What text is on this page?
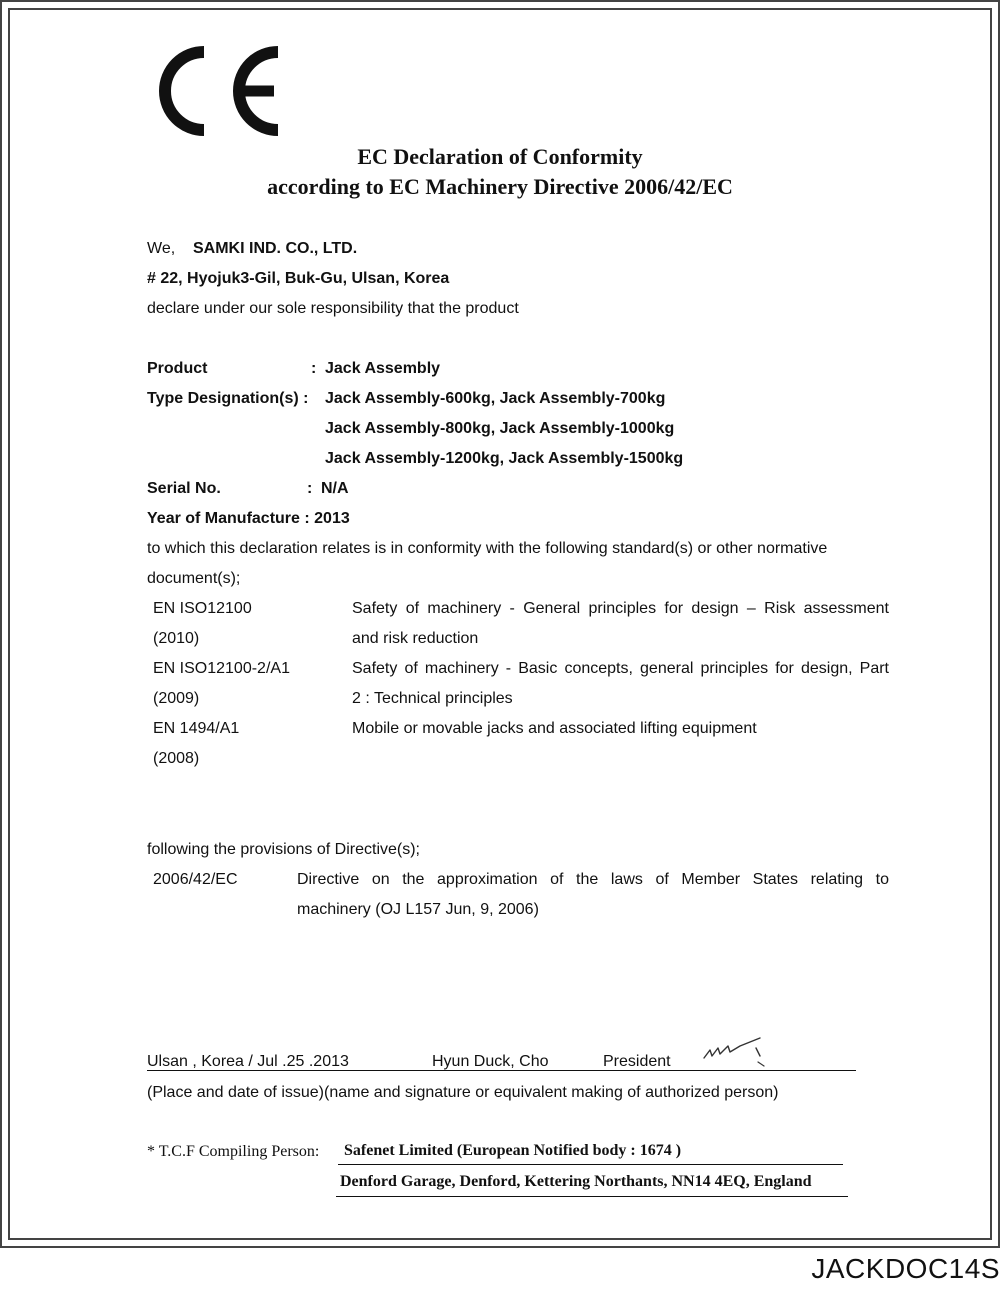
EC Declaration of Conformity
according to EC Machinery Directive 2006/42/EC
We, SAMKI IND. CO., LTD.
# 22, Hyojuk3-Gil, Buk-Gu, Ulsan, Korea
declare under our sole responsibility that the product
Product	: Jack Assembly
Type Designation(s) : Jack Assembly-600kg, Jack Assembly-700kg
Jack Assembly-800kg, Jack Assembly-1000kg
Jack Assembly-1200kg, Jack Assembly-1500kg
Serial No.	: N/A
Year of Manufacture : 2013
to which this declaration relates is in conformity with the following standard(s) or other normative
document(s);
EN ISO12100	Safety of machinery - General principles for design – Risk assessment
(2010)	and risk reduction
EN ISO12100-2/A1	Safety of machinery - Basic concepts, general principles for design, Part
(2009)	2 : Technical principles
EN 1494/A1	Mobile or movable jacks and associated lifting equipment
(2008)
following the provisions of Directive(s);
2006/42/EC	Directive on the approximation of the laws of Member States relating to
machinery (OJ L157 Jun, 9, 2006)
Ulsan , Korea / Jul .25 .2013	Hyun Duck, Cho	President
(Place and date of issue)(name and signature or equivalent making of authorized person)
* T.C.F Compiling Person: Safenet Limited (European Notified body : 1674 )
Denford Garage, Denford, Kettering Northants, NN14 4EQ, England
JACKDOC14S
